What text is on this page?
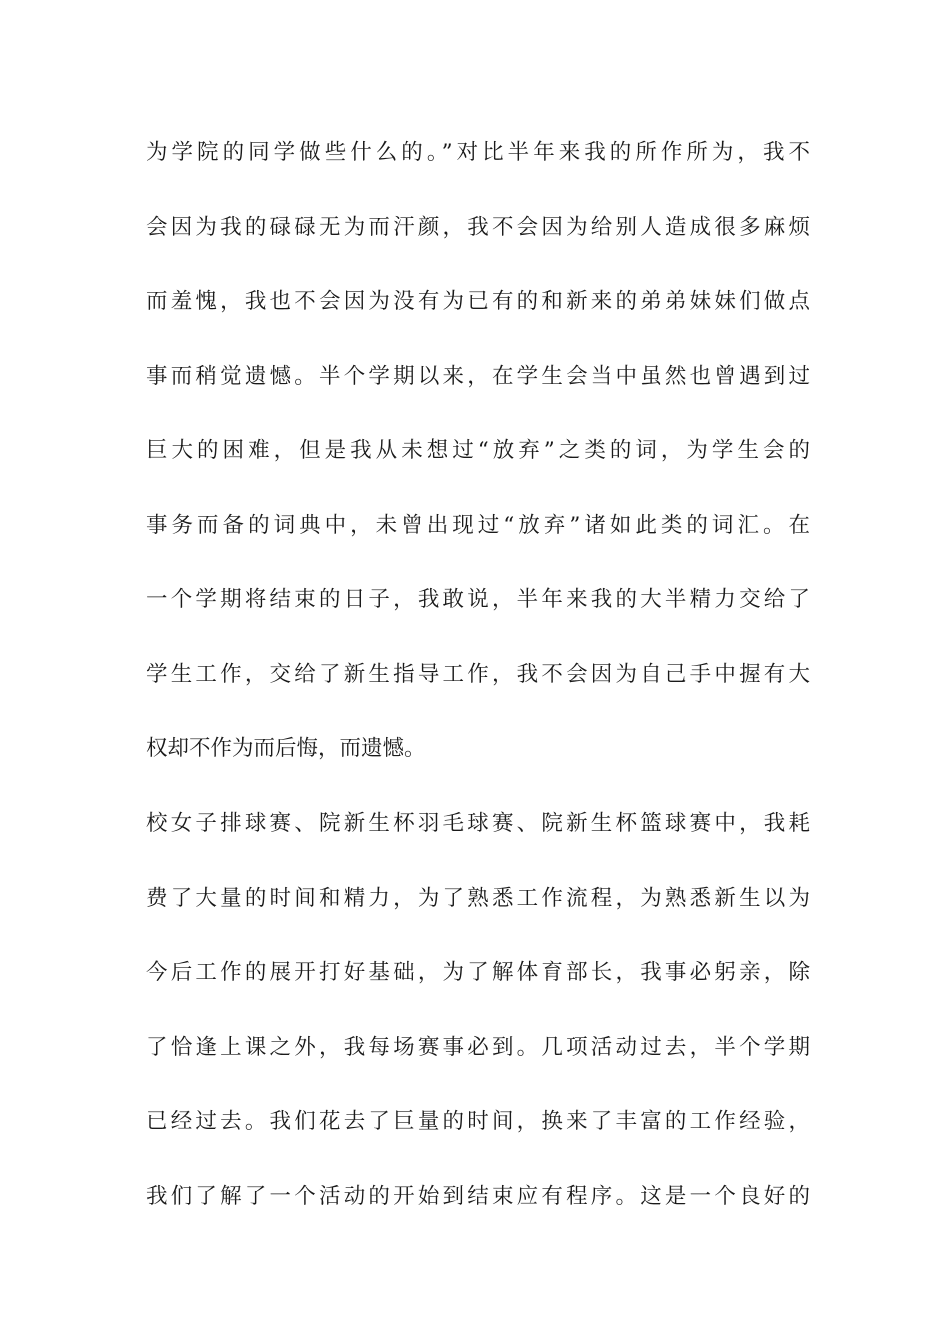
为学院的同学做些什么的。”对比半年来我的所作所为，我不
会因为我的碌碌无为而汗颜，我不会因为给别人造成很多麻烦
而羞愧，我也不会因为没有为已有的和新来的弟弟妹妹们做点
事而稍觉遗憾。半个学期以来，在学生会当中虽然也曾遇到过
巨大的困难，但是我从未想过“放弃”之类的词，为学生会的
事务而备的词典中，未曾出现过“放弃”诸如此类的词汇。在
一个学期将结束的日子，我敢说，半年来我的大半精力交给了
学生工作，交给了新生指导工作，我不会因为自己手中握有大
权却不作为而后悔，而遗憾。
校女子排球赛、院新生杯羽毛球赛、院新生杯篮球赛中，我耗
费了大量的时间和精力，为了熟悉工作流程，为熟悉新生以为
今后工作的展开打好基础，为了解体育部长，我事必躬亲，除
了恰逢上课之外，我每场赛事必到。几项活动过去，半个学期
已经过去。我们花去了巨量的时间，换来了丰富的工作经验，
我们了解了一个活动的开始到结束应有程序。这是一个良好的
